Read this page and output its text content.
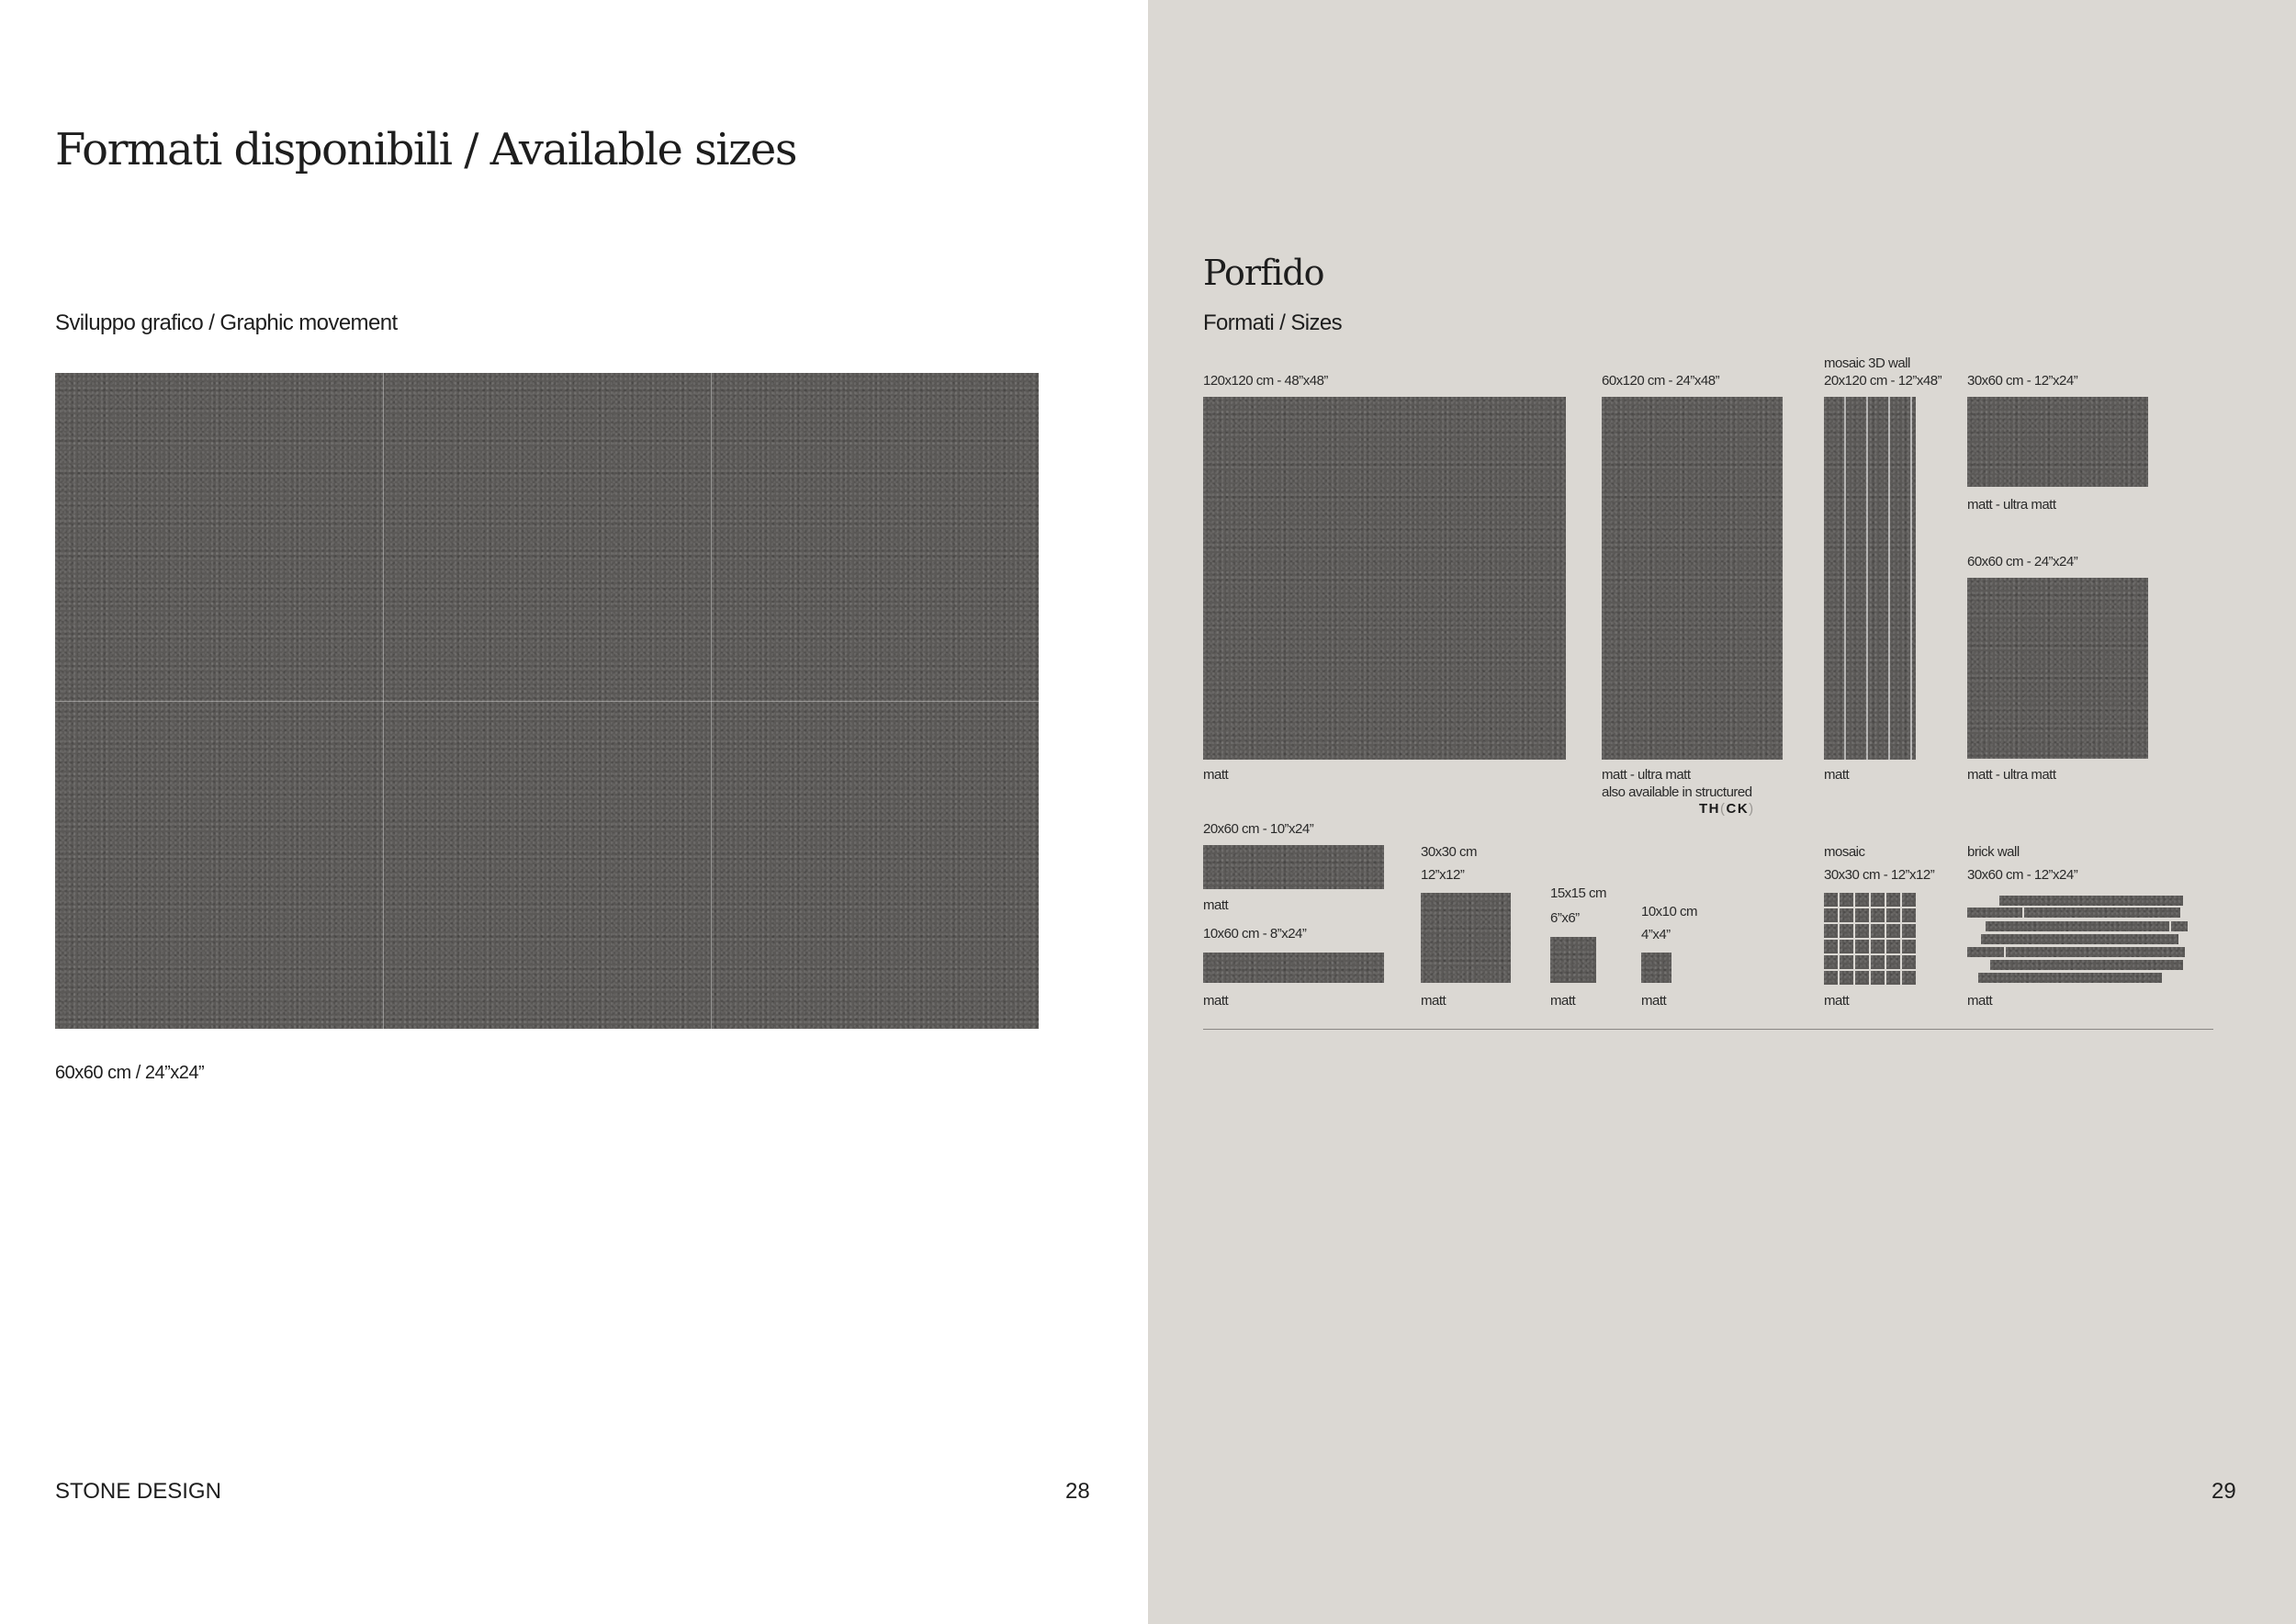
Formati disponibili / Available sizes
Sviluppo grafico / Graphic movement
60x60 cm / 24”x24”
STONE DESIGN	28
Porfido
Formati / Sizes
120x120 cm - 48”x48”
matt
60x120 cm - 24”x48”
matt - ultra matt
also available in structured
TH(CK)
mosaic 3D wall
20x120 cm - 12”x48”
matt
30x60 cm - 12”x24”
matt - ultra matt
60x60 cm - 24”x24”
matt - ultra matt
20x60 cm - 10”x24”
matt
10x60 cm - 8”x24”
matt
30x30 cm
12”x12”
matt
15x15 cm
6”x6”
matt
10x10 cm
4”x4”
matt
mosaic
30x30 cm - 12”x12”
matt
brick wall
30x60 cm - 12”x24”
matt
29
